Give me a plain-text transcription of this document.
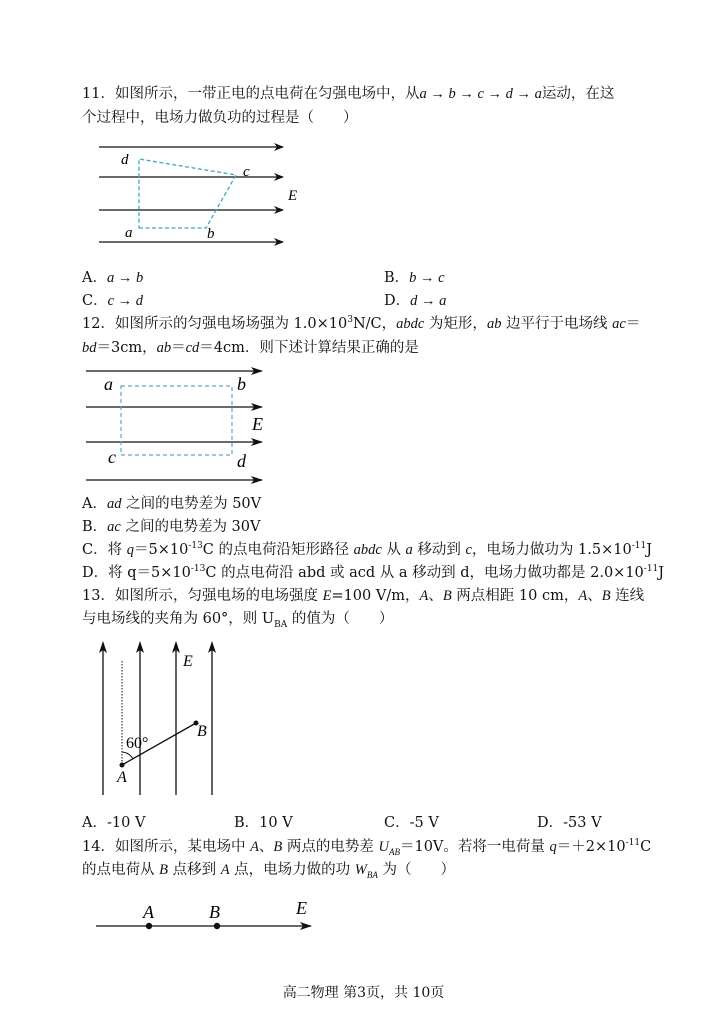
11．如图所示，一带正电的点电荷在匀强电场中，从a → b → c → d → a运动，在这
个过程中，电场力做负功的过程是（　　）
d
c
E
a	b
A．a → b	B．b → c
C．c → d	D．d → a
12．如图所示的匀强电场场强为 $1.0\times 10^3N/C$，abdc 为矩形，ab 边平行于电场线 ac＝
bd＝3cm，ab＝cd＝4cm．则下述计算结果正确的是
a	b
E
c	d
A．ad 之间的电势差为 50V
B．ac 之间的电势差为 30V
C．将 $q=5\times 10^{-13}C$ 的点电荷沿矩形路径 abdc 从 a 移动到 c，电场力做功为 $1.5\times 10^{-11}J$
D．将 $q=5\times 10^{-13}C$ 的点电荷沿 abd 或 acd 从 a 移动到 d，电场力做功都是 $2.0\times 10^{-11}J$
13．如图所示，匀强电场的电场强度 E=100 V/m，A、B 两点相距 10 cm，A、B 连线
与电场线的夹角为 60°，则 $U_{BA}$ 的值为（　　）
E
60°
A
B
A．-10 V	B．10 V	C．-5 V	D．-53 V
14．如图所示，某电场中 A、B 两点的电势差 $U_{AB}=10V$。若将一电荷量 $q=+2\times 10^{-11}C$
的点电荷从 B 点移到 A 点，电场力做的功 $W_{BA}$ 为（　　）
A	B	E
高二物理 第3页，共 10页
